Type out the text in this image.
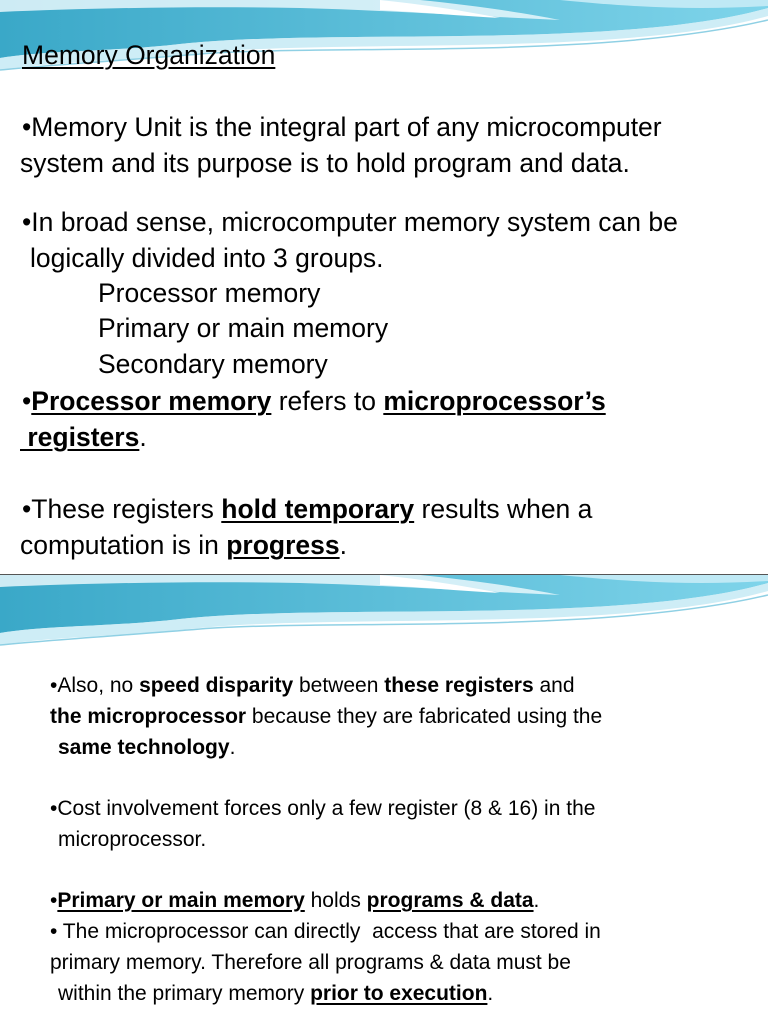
Memory Organization
•Memory Unit is the integral part of any microcomputer
system and its purpose is to hold program and data.
•In broad sense, microcomputer memory system can be
logically divided into 3 groups.
Processor memory
Primary or main memory
Secondary memory
•Processor memory refers to microprocessor’s
registers.
•These registers hold temporary results when a
computation is in progress.
•Also, no speed disparity between these registers and
the microprocessor because they are fabricated using the
same technology.
•Cost involvement forces only a few register (8 & 16) in the
microprocessor.
•Primary or main memory holds programs & data.
• The microprocessor can directly  access that are stored in
primary memory. Therefore all programs & data must be
within the primary memory prior to execution.
